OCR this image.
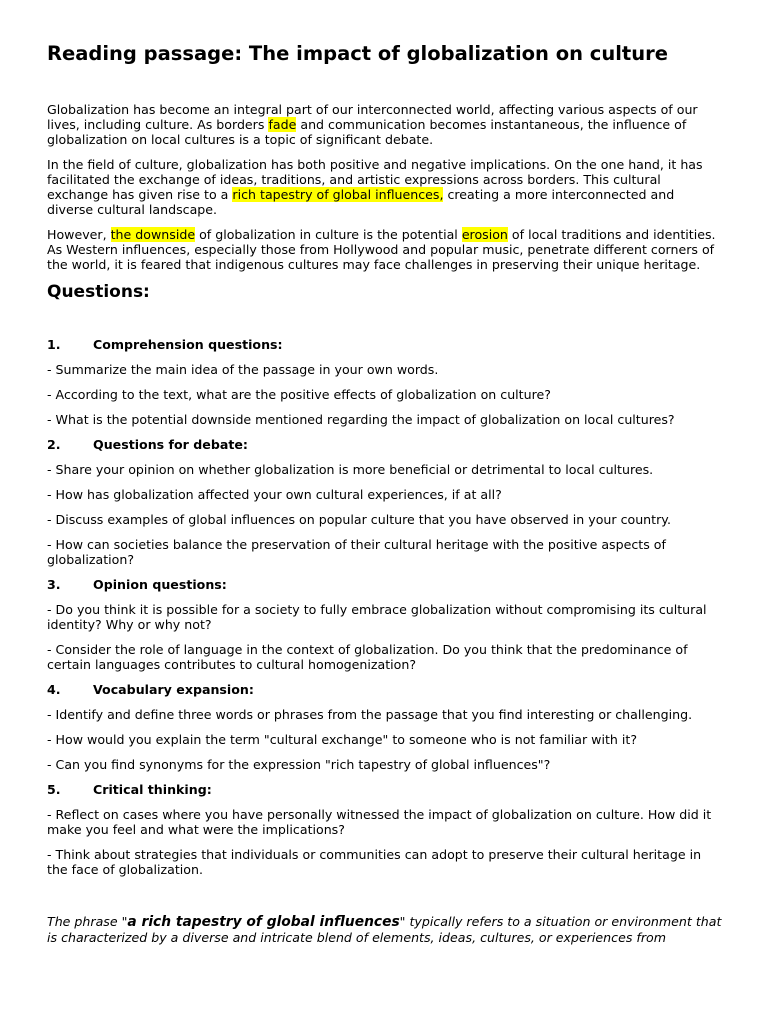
Reading passage: The impact of globalization on culture

Globalization has become an integral part of our interconnected world, affecting various aspects of our lives, including culture. As borders fade and communication becomes instantaneous, the influence of globalization on local cultures is a topic of significant debate.

In the field of culture, globalization has both positive and negative implications. On the one hand, it has facilitated the exchange of ideas, traditions, and artistic expressions across borders. This cultural exchange has given rise to a rich tapestry of global influences, creating a more interconnected and diverse cultural landscape.

However, the downside of globalization in culture is the potential erosion of local traditions and identities. As Western influences, especially those from Hollywood and popular music, penetrate different corners of the world, it is feared that indigenous cultures may face challenges in preserving their unique heritage.

Questions:
1.	Comprehension questions:
- Summarize the main idea of the passage in your own words.
- According to the text, what are the positive effects of globalization on culture?
- What is the potential downside mentioned regarding the impact of globalization on local cultures?
2.	Questions for debate:
- Share your opinion on whether globalization is more beneficial or detrimental to local cultures.
- How has globalization affected your own cultural experiences, if at all?
- Discuss examples of global influences on popular culture that you have observed in your country.
- How can societies balance the preservation of their cultural heritage with the positive aspects of globalization?
3.	Opinion questions:
- Do you think it is possible for a society to fully embrace globalization without compromising its cultural identity? Why or why not?
- Consider the role of language in the context of globalization. Do you think that the predominance of certain languages contributes to cultural homogenization?
4.	Vocabulary expansion:
- Identify and define three words or phrases from the passage that you find interesting or challenging.
- How would you explain the term "cultural exchange" to someone who is not familiar with it?
- Can you find synonyms for the expression "rich tapestry of global influences"?
5.	Critical thinking:
- Reflect on cases where you have personally witnessed the impact of globalization on culture. How did it make you feel and what were the implications?
- Think about strategies that individuals or communities can adopt to preserve their cultural heritage in the face of globalization.

The phrase "a rich tapestry of global influences" typically refers to a situation or environment that is characterized by a diverse and intricate blend of elements, ideas, cultures, or experiences from
